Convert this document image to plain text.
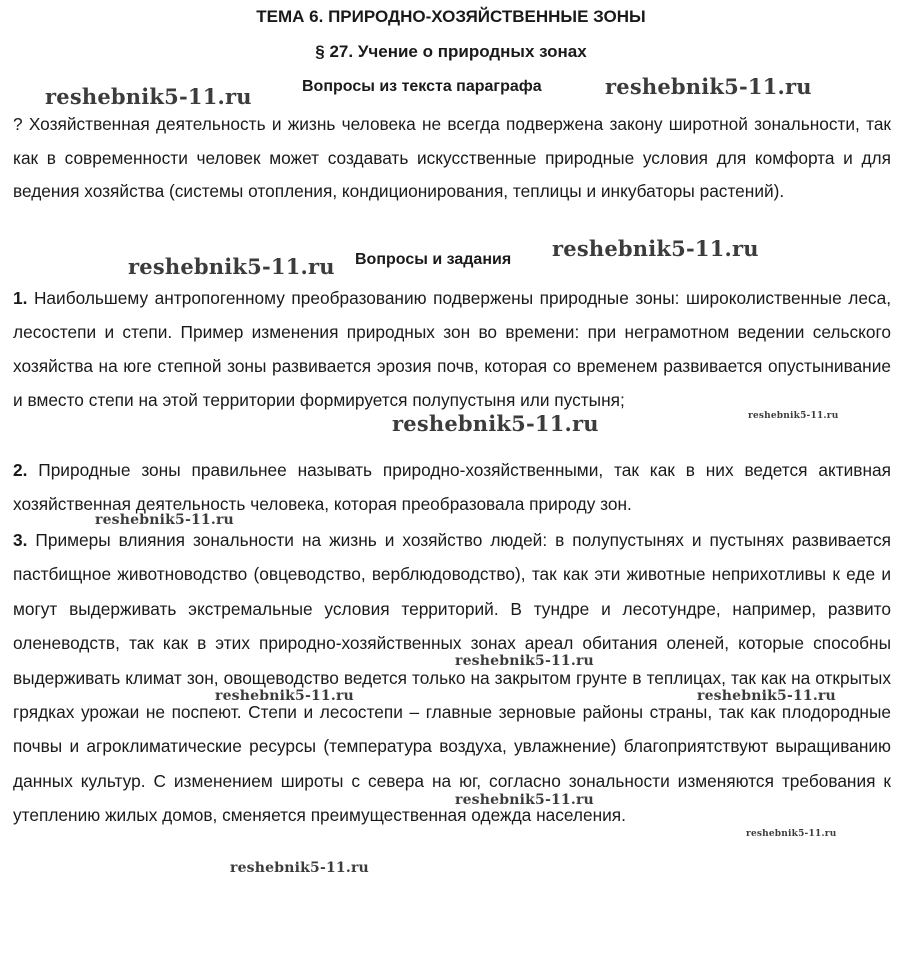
ТЕМА 6. ПРИРОДНО-ХОЗЯЙСТВЕННЫЕ ЗОНЫ
§ 27. Учение о природных зонах
Вопросы из текста параграфа

? Хозяйственная деятельность и жизнь человека не всегда подвержена закону широтной зональности, так как в современности человек может создавать искусственные природные условия для комфорта и для ведения хозяйства (системы отопления, кондиционирования, теплицы и инкубаторы растений).

Вопросы и задания

1. Наибольшему антропогенному преобразованию подвержены природные зоны: широколиственные леса, лесостепи и степи. Пример изменения природных зон во времени: при неграмотном ведении сельского хозяйства на юге степной зоны развивается эрозия почв, которая со временем развивается опустынивание и вместо степи на этой территории формируется полупустыня или пустыня;

2. Природные зоны правильнее называть природно-хозяйственными, так как в них ведется активная хозяйственная деятельность человека, которая преобразовала природу зон.

3. Примеры влияния зональности на жизнь и хозяйство людей: в полупустынях и пустынях развивается пастбищное животноводство (овцеводство, верблюдоводство), так как эти животные неприхотливы к еде и могут выдерживать экстремальные условия территорий. В тундре и лесотундре, например, развито оленеводств, так как в этих природно-хозяйственных зонах ареал обитания оленей, которые способны выдерживать климат зон, овощеводство ведется только на закрытом грунте в теплицах, так как на открытых грядках урожаи не поспеют. Степи и лесостепи – главные зерновые районы страны, так как плодородные почвы и агроклиматические ресурсы (температура воздуха, увлажнение) благоприятствуют выращиванию данных культур. С изменением широты с севера на юг, согласно зональности изменяются требования к утеплению жилых домов, сменяется преимущественная одежда населения.

reshebnik5-11.ru	reshebnik5-11.ru
reshebnik5-11.ru
reshebnik5-11.ru
reshebnik5-11.ru	reshebnik5-11.ru
reshebnik5-11.ru
reshebnik5-11.ru
reshebnik5-11.ru	reshebnik5-11.ru
reshebnik5-11.ru
reshebnik5-11.ru
reshebnik5-11.ru
